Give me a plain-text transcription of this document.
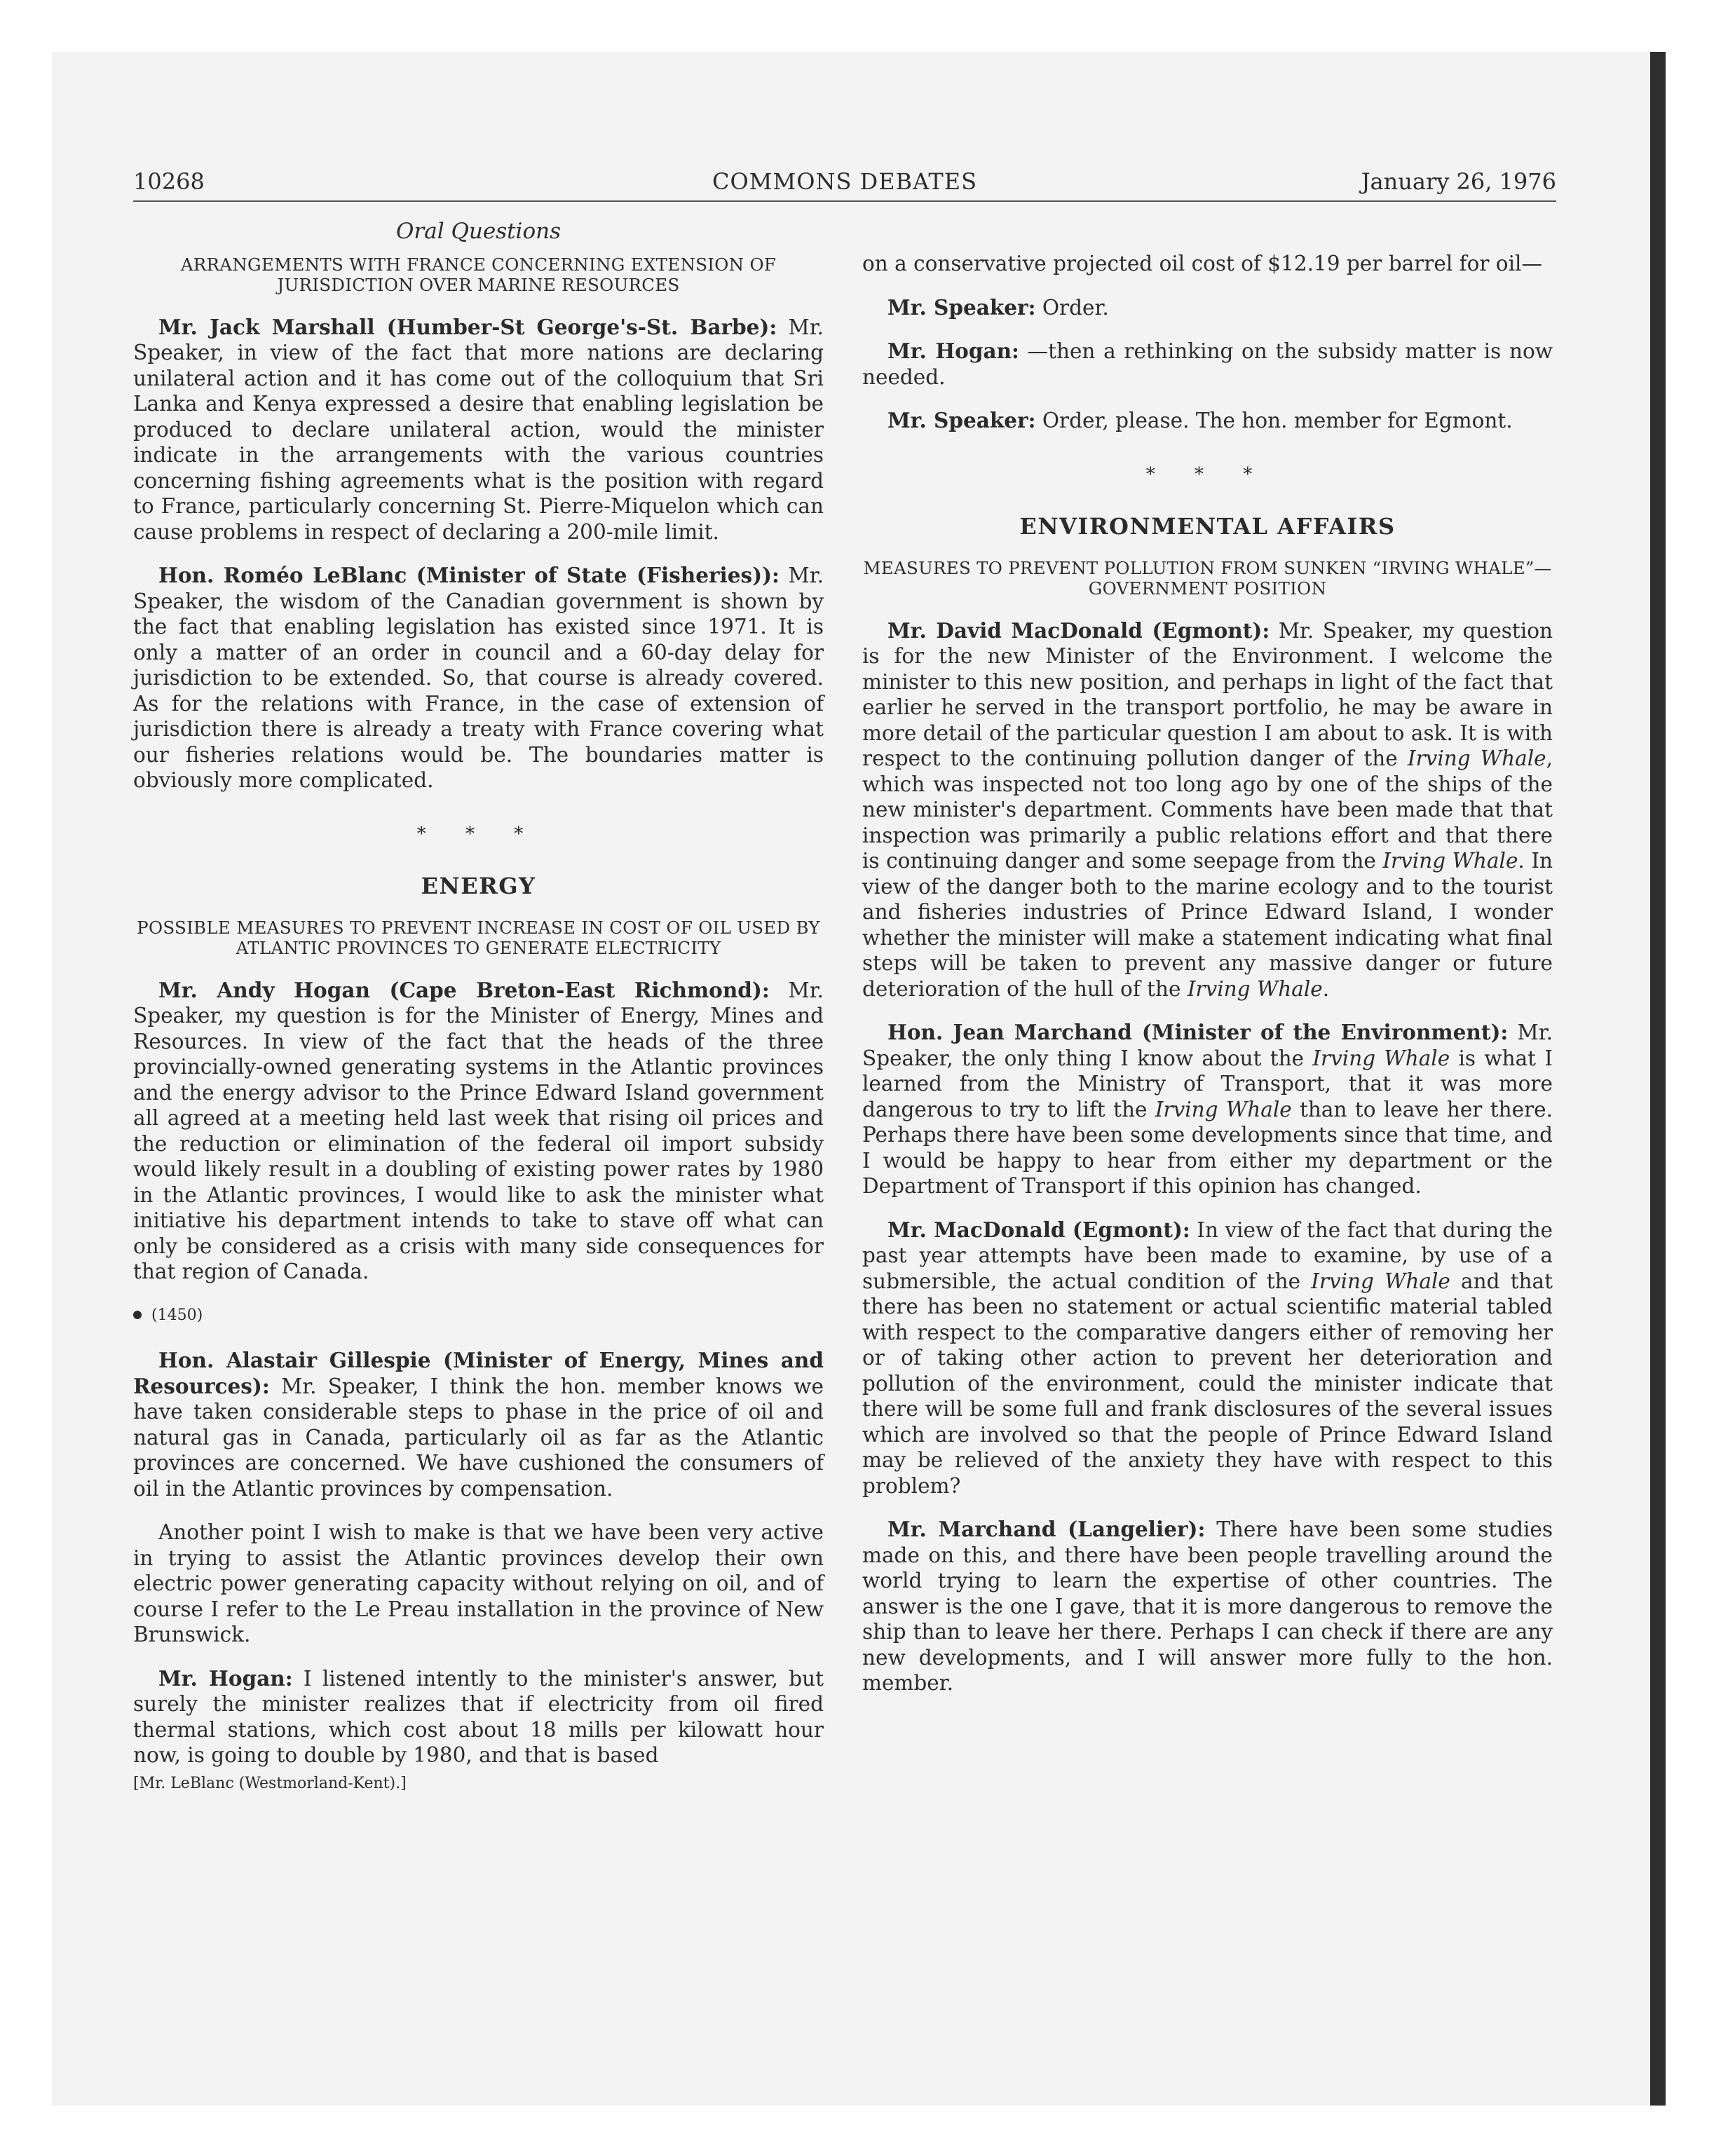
10268	COMMONS DEBATES	January 26, 1976
Oral Questions
ARRANGEMENTS WITH FRANCE CONCERNING EXTENSION OF JURISDICTION OVER MARINE RESOURCES

Mr. Jack Marshall (Humber-St George's-St. Barbe): Mr. Speaker, in view of the fact that more nations are declaring unilateral action and it has come out of the colloquium that Sri Lanka and Kenya expressed a desire that enabling legislation be produced to declare unilateral action, would the minister indicate in the arrangements with the various countries concerning fishing agreements what is the position with regard to France, particularly concerning St. Pierre-Miquelon which can cause problems in respect of declaring a 200-mile limit.

Hon. Roméo LeBlanc (Minister of State (Fisheries)): Mr. Speaker, the wisdom of the Canadian government is shown by the fact that enabling legislation has existed since 1971. It is only a matter of an order in council and a 60-day delay for jurisdiction to be extended. So, that course is already covered. As for the relations with France, in the case of extension of jurisdiction there is already a treaty with France covering what our fisheries relations would be. The boundaries matter is obviously more complicated.

* * *
ENERGY
POSSIBLE MEASURES TO PREVENT INCREASE IN COST OF OIL USED BY ATLANTIC PROVINCES TO GENERATE ELECTRICITY

Mr. Andy Hogan (Cape Breton-East Richmond): Mr. Speaker, my question is for the Minister of Energy, Mines and Resources. In view of the fact that the heads of the three provincially-owned generating systems in the Atlantic provinces and the energy advisor to the Prince Edward Island government all agreed at a meeting held last week that rising oil prices and the reduction or elimination of the federal oil import subsidy would likely result in a doubling of existing power rates by 1980 in the Atlantic provinces, I would like to ask the minister what initiative his department intends to take to stave off what can only be considered as a crisis with many side consequences for that region of Canada.

(1450)

Hon. Alastair Gillespie (Minister of Energy, Mines and Resources): Mr. Speaker, I think the hon. member knows we have taken considerable steps to phase in the price of oil and natural gas in Canada, particularly oil as far as the Atlantic provinces are concerned. We have cushioned the consumers of oil in the Atlantic provinces by compensation.

Another point I wish to make is that we have been very active in trying to assist the Atlantic provinces develop their own electric power generating capacity without relying on oil, and of course I refer to the Le Preau installation in the province of New Brunswick.

Mr. Hogan: I listened intently to the minister's answer, but surely the minister realizes that if electricity from oil fired thermal stations, which cost about 18 mills per kilowatt hour now, is going to double by 1980, and that is based

[Mr. LeBlanc (Westmorland-Kent).]

on a conservative projected oil cost of $12.19 per barrel for oil—

Mr. Speaker: Order.

Mr. Hogan: —then a rethinking on the subsidy matter is now needed.

Mr. Speaker: Order, please. The hon. member for Egmont.

* * *
ENVIRONMENTAL AFFAIRS
MEASURES TO PREVENT POLLUTION FROM SUNKEN “IRVING WHALE”—GOVERNMENT POSITION

Mr. David MacDonald (Egmont): Mr. Speaker, my question is for the new Minister of the Environment. I welcome the minister to this new position, and perhaps in light of the fact that earlier he served in the transport portfolio, he may be aware in more detail of the particular question I am about to ask. It is with respect to the continuing pollution danger of the Irving Whale, which was inspected not too long ago by one of the ships of the new minister's department. Comments have been made that that inspection was primarily a public relations effort and that there is continuing danger and some seepage from the Irving Whale. In view of the danger both to the marine ecology and to the tourist and fisheries industries of Prince Edward Island, I wonder whether the minister will make a statement indicating what final steps will be taken to prevent any massive danger or future deterioration of the hull of the Irving Whale.

Hon. Jean Marchand (Minister of the Environment): Mr. Speaker, the only thing I know about the Irving Whale is what I learned from the Ministry of Transport, that it was more dangerous to try to lift the Irving Whale than to leave her there. Perhaps there have been some developments since that time, and I would be happy to hear from either my department or the Department of Transport if this opinion has changed.

Mr. MacDonald (Egmont): In view of the fact that during the past year attempts have been made to examine, by use of a submersible, the actual condition of the Irving Whale and that there has been no statement or actual scientific material tabled with respect to the comparative dangers either of removing her or of taking other action to prevent her deterioration and pollution of the environment, could the minister indicate that there will be some full and frank disclosures of the several issues which are involved so that the people of Prince Edward Island may be relieved of the anxiety they have with respect to this problem?

Mr. Marchand (Langelier): There have been some studies made on this, and there have been people travelling around the world trying to learn the expertise of other countries. The answer is the one I gave, that it is more dangerous to remove the ship than to leave her there. Perhaps I can check if there are any new developments, and I will answer more fully to the hon. member.
